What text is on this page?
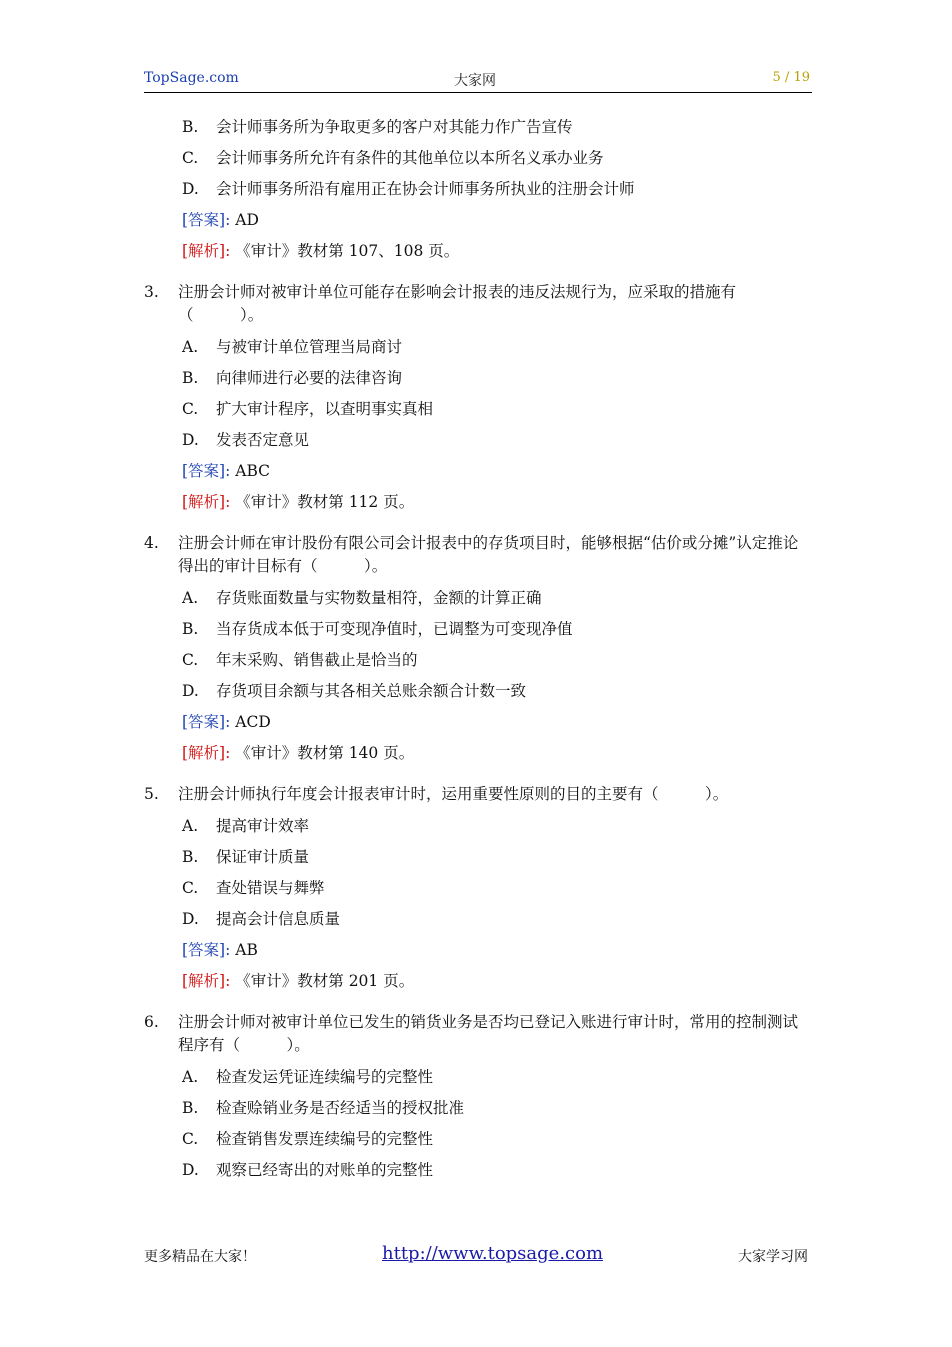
TopSage.com	大家网	5 / 19
B. 会计师事务所为争取更多的客户对其能力作广告宣传
C. 会计师事务所允许有条件的其他单位以本所名义承办业务
D. 会计师事务所沿有雇用正在协会计师事务所执业的注册会计师
[答案]: AD
[解析]: 《审计》教材第 107、108 页。
3. 注册会计师对被审计单位可能存在影响会计报表的违反法规行为，应采取的措施有（　　　）。
A. 与被审计单位管理当局商讨
B. 向律师进行必要的法律咨询
C. 扩大审计程序，以查明事实真相
D. 发表否定意见
[答案]: ABC
[解析]: 《审计》教材第 112 页。
4. 注册会计师在审计股份有限公司会计报表中的存货项目时，能够根据“估价或分摊”认定推论得出的审计目标有（　　　）。
A. 存货账面数量与实物数量相符，金额的计算正确
B. 当存货成本低于可变现净值时，已调整为可变现净值
C. 年末采购、销售截止是恰当的
D. 存货项目余额与其各相关总账余额合计数一致
[答案]: ACD
[解析]: 《审计》教材第 140 页。
5. 注册会计师执行年度会计报表审计时，运用重要性原则的目的主要有（　　　）。
A. 提高审计效率
B. 保证审计质量
C. 查处错误与舞弊
D. 提高会计信息质量
[答案]: AB
[解析]: 《审计》教材第 201 页。
6. 注册会计师对被审计单位已发生的销货业务是否均已登记入账进行审计时，常用的控制测试程序有（　　　）。
A. 检查发运凭证连续编号的完整性
B. 检查赊销业务是否经适当的授权批准
C. 检查销售发票连续编号的完整性
D. 观察已经寄出的对账单的完整性
更多精品在大家！	http://www.topsage.com	大家学习网
